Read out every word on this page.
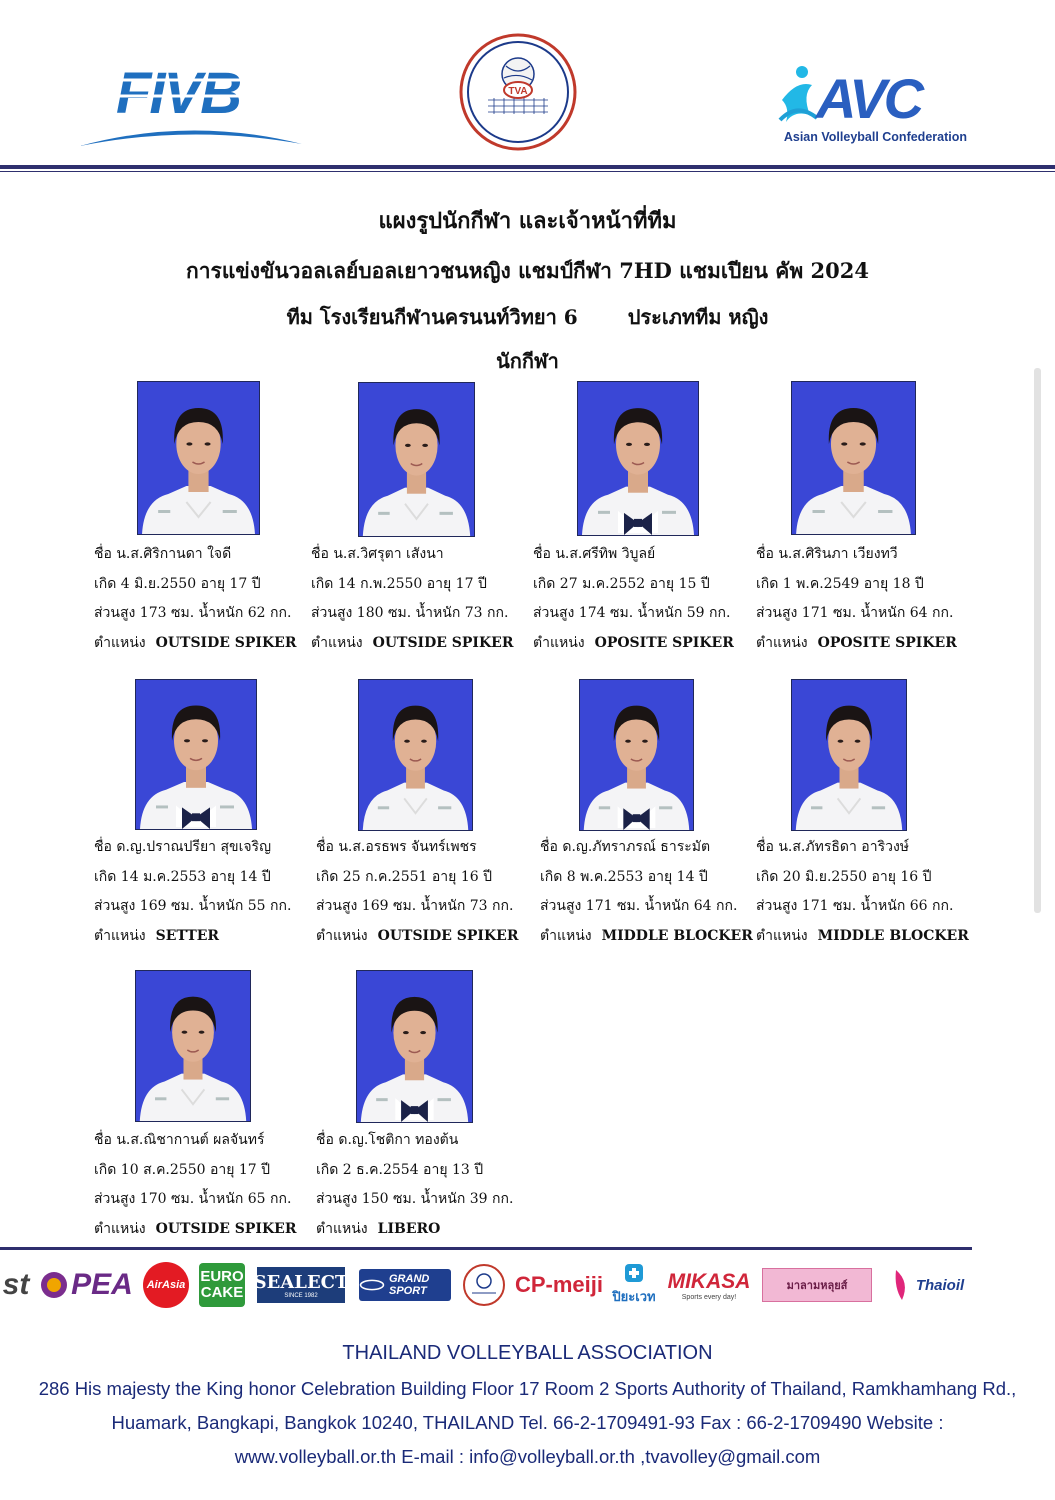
FIVB	TVA	AVC
Asian Volleyball Confederation
แผงรูปนักกีฬา และเจ้าหน้าที่ทีม
การแข่งขันวอลเลย์บอลเยาวชนหญิง แชมป์กีฬา 7HD แชมเปียน คัพ 2024
ทีม โรงเรียนกีฬานครนนท์วิทยา 6	ประเภททีม หญิง
นักกีฬา
ชื่อ น.ส.ศิริกานดา ใจดี
เกิด 4 มิ.ย.2550 อายุ 17 ปี
ส่วนสูง 173 ซม. น้ำหนัก 62 กก.
ตำแหน่ง OUTSIDE SPIKER
ชื่อ น.ส.วิศรุตา เสังนา
เกิด 14 ก.พ.2550 อายุ 17 ปี
ส่วนสูง 180 ซม. น้ำหนัก 73 กก.
ตำแหน่ง OUTSIDE SPIKER
ชื่อ น.ส.ศรีทิพ วิบูลย์
เกิด 27 ม.ค.2552 อายุ 15 ปี
ส่วนสูง 174 ซม. น้ำหนัก 59 กก.
ตำแหน่ง OPOSITE SPIKER
ชื่อ น.ส.ศิรินภา เวียงทวี
เกิด 1 พ.ค.2549 อายุ 18 ปี
ส่วนสูง 171 ซม. น้ำหนัก 64 กก.
ตำแหน่ง OPOSITE SPIKER
ชื่อ ด.ญ.ปราณปรียา สุขเจริญ
เกิด 14 ม.ค.2553 อายุ 14 ปี
ส่วนสูง 169 ซม. น้ำหนัก 55 กก.
ตำแหน่ง SETTER
ชื่อ น.ส.อรธพร จันทร์เพชร
เกิด 25 ก.ค.2551 อายุ 16 ปี
ส่วนสูง 169 ซม. น้ำหนัก 73 กก.
ตำแหน่ง OUTSIDE SPIKER
ชื่อ ด.ญ.ภัทราภรณ์ ธาระมัต
เกิด 8 พ.ค.2553 อายุ 14 ปี
ส่วนสูง 171 ซม. น้ำหนัก 64 กก.
ตำแหน่ง MIDDLE BLOCKER
ชื่อ น.ส.ภัทรธิดา อาริวงษ์
เกิด 20 มิ.ย.2550 อายุ 16 ปี
ส่วนสูง 171 ซม. น้ำหนัก 66 กก.
ตำแหน่ง MIDDLE BLOCKER
ชื่อ น.ส.ณิชากานต์ ผลจันทร์
เกิด 10 ส.ค.2550 อายุ 17 ปี
ส่วนสูง 170 ซม. น้ำหนัก 65 กก.
ตำแหน่ง OUTSIDE SPIKER
ชื่อ ด.ญ.โชติกา ทองต้น
เกิด 2 ธ.ค.2554 อายุ 13 ปี
ส่วนสูง 150 ซม. น้ำหนัก 39 กก.
ตำแหน่ง LIBERO
st PEA	AirAsia EURO CAKE SEALECT
SINCE 1982
GRAND SPORT	CP-meiji ปิยะเวท
MIKASA
Sports every day!
มาลามหลุยส์	Thaioil
THAILAND VOLLEYBALL ASSOCIATION
286 His majesty the King honor Celebration Building Floor 17 Room 2 Sports Authority of Thailand, Ramkhamhang Rd.,
Huamark, Bangkapi, Bangkok 10240, THAILAND Tel. 66-2-1709491-93 Fax : 66-2-1709490 Website :
www.volleyball.or.th E-mail : info@volleyball.or.th ,tvavolley@gmail.com
